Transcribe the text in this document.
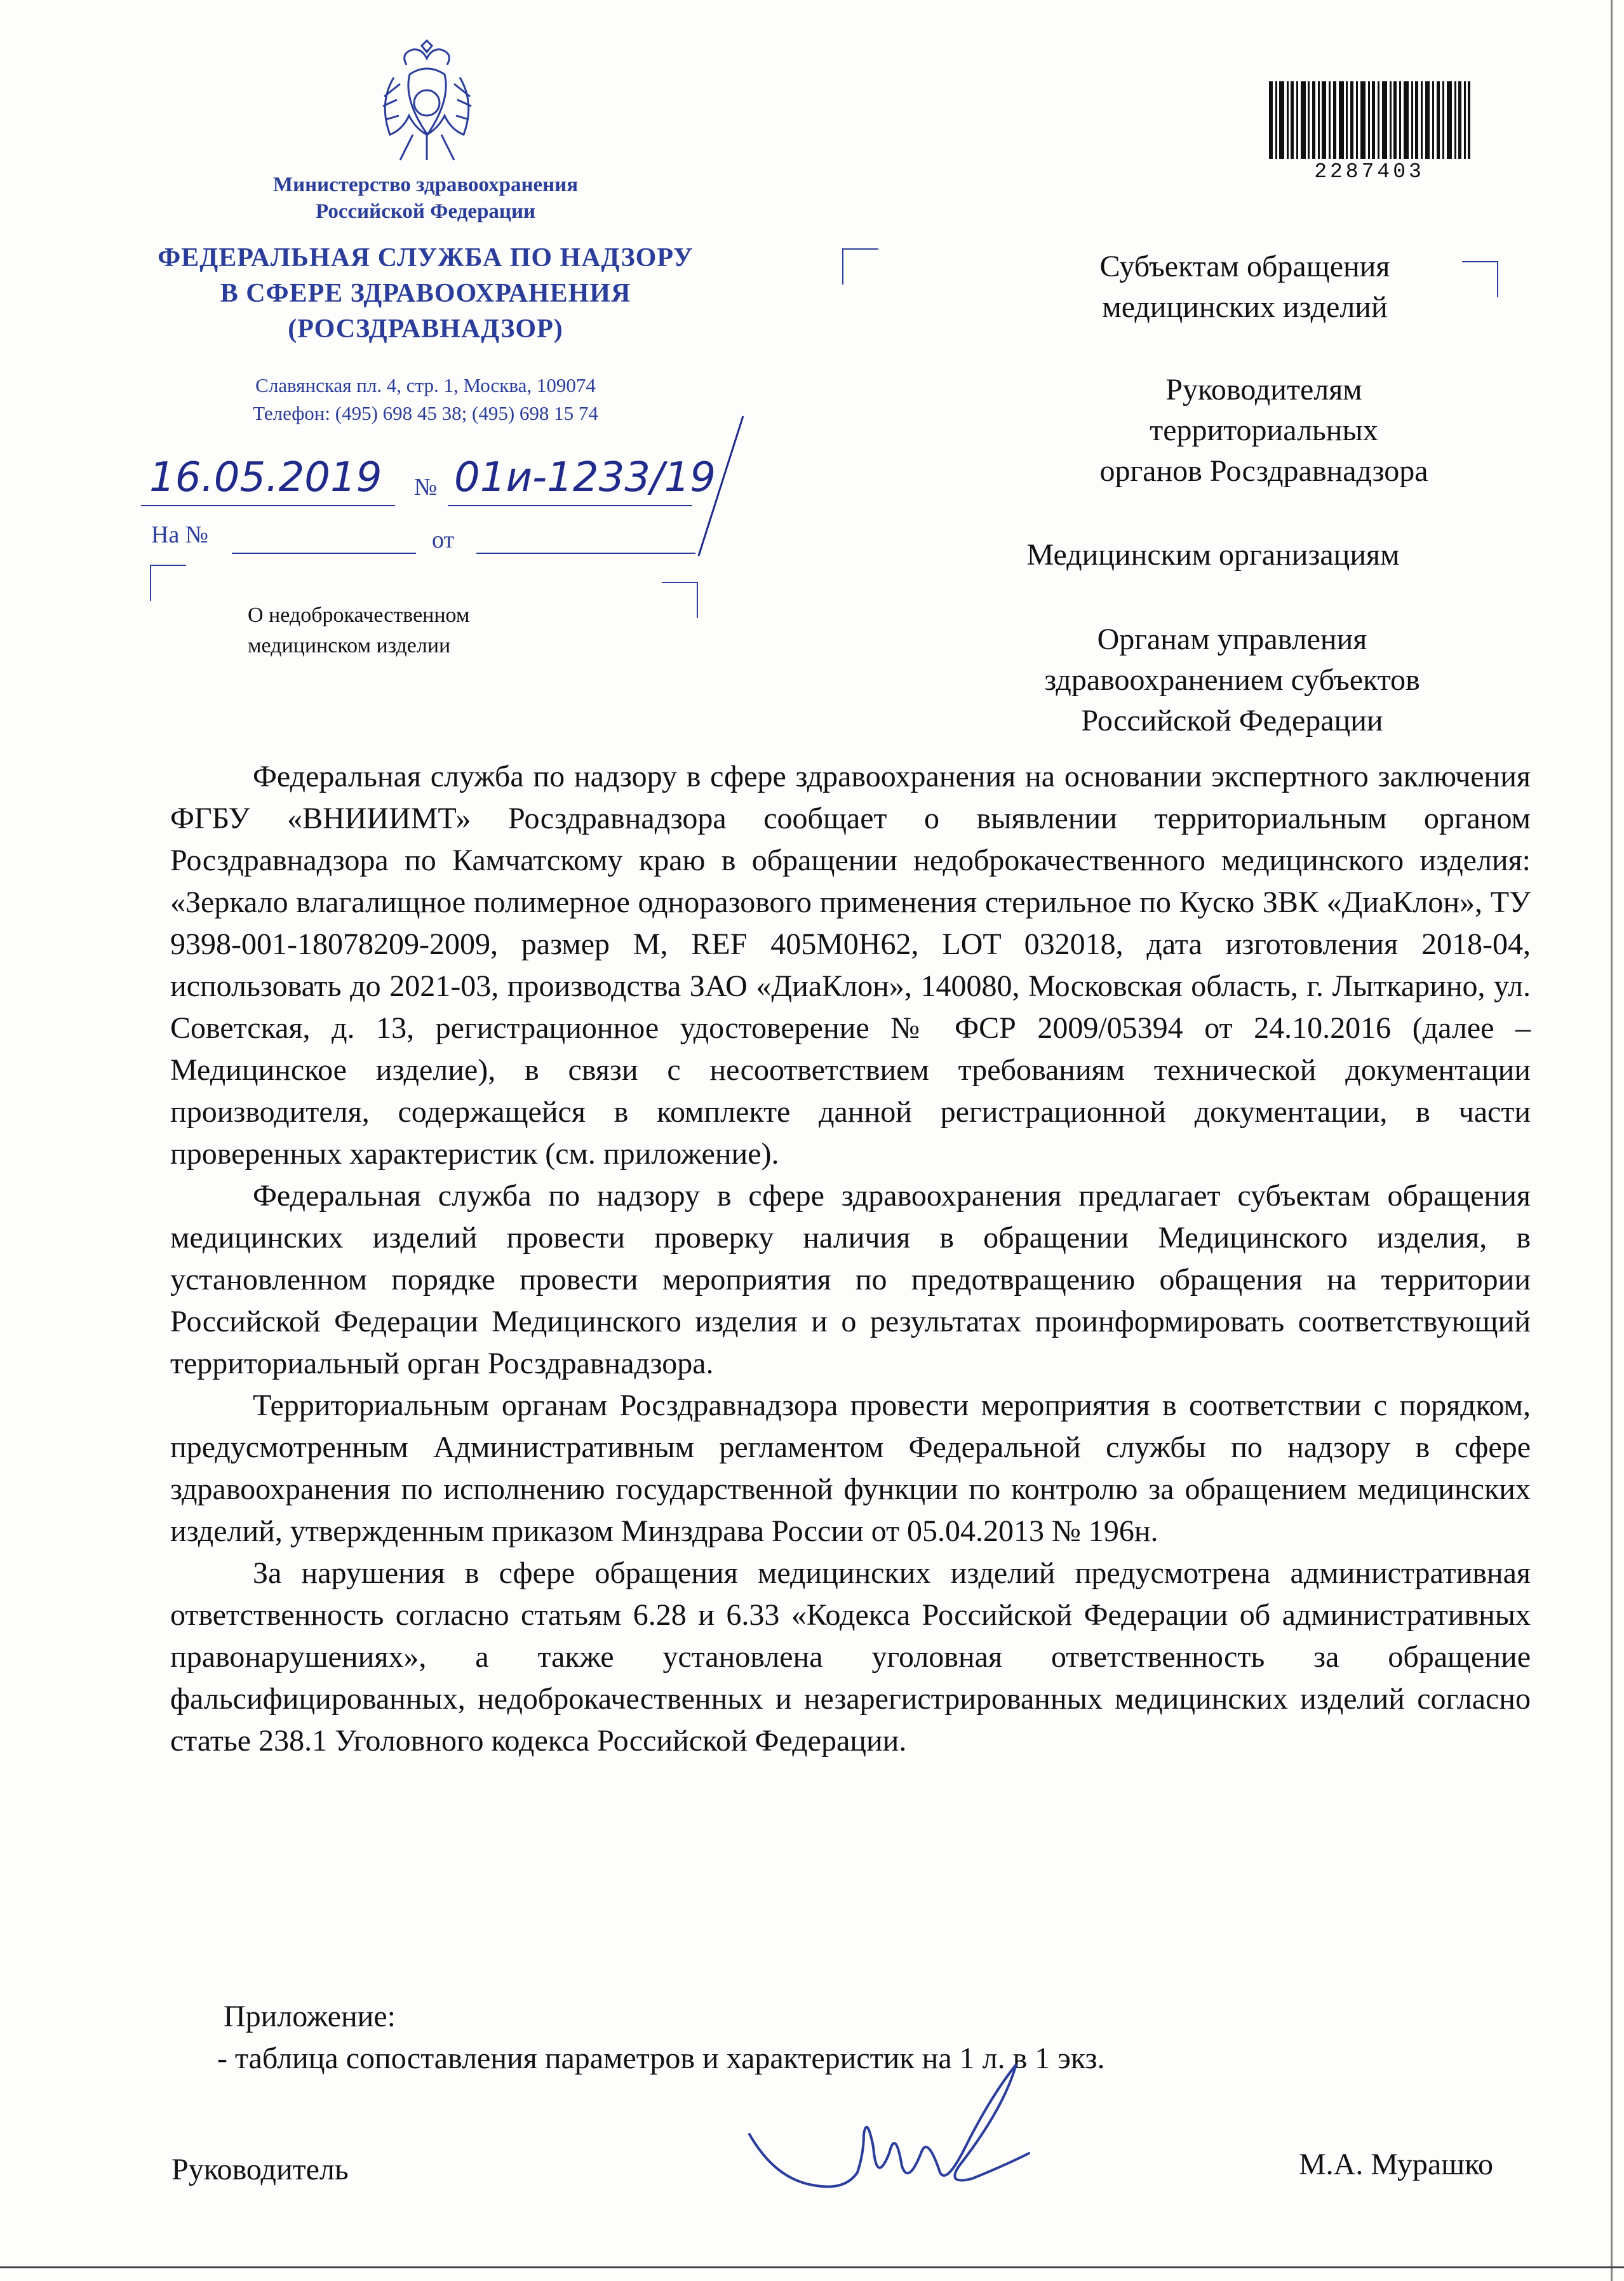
✦
Министерство здравоохранения
Российской Федерации
ФЕДЕРАЛЬНАЯ СЛУЖБА ПО НАДЗОРУ
В СФЕРЕ ЗДРАВООХРАНЕНИЯ
(РОСЗДРАВНАДЗОР)
Славянская пл. 4, стр. 1, Москва, 109074
Телефон: (495) 698 45 38; (495) 698 15 74
2287403
16.05.2019 № 01и-1233/19
На №	от
О недоброкачественном
медицинском изделии
Субъектам обращения
медицинских изделий
Руководителям
территориальных
органов Росздравнадзора
Медицинским организациям
Органам управления
здравоохранением субъектов
Российской Федерации

Федеральная служба по надзору в сфере здравоохранения на основании экспертного заключения ФГБУ «ВНИИИМТ» Росздравнадзора сообщает о выявлении территориальным органом Росздравнадзора по Камчатскому краю в обращении недоброкачественного медицинского изделия: «Зеркало влагалищное полимерное одноразового применения стерильное по Куско ЗВК «ДиаКлон», ТУ 9398-001-18078209-2009, размер М, REF 405М0Н62, LOT 032018, дата изготовления 2018-04, использовать до 2021-03, производства ЗАО «ДиаКлон», 140080, Московская область, г. Лыткарино, ул. Советская, д. 13, регистрационное удостоверение № ФСР 2009/05394 от 24.10.2016 (далее – Медицинское изделие), в связи с несоответствием требованиям технической документации производителя, содержащейся в комплекте данной регистрационной документации, в части проверенных характеристик (см. приложение).

Федеральная служба по надзору в сфере здравоохранения предлагает субъектам обращения медицинских изделий провести проверку наличия в обращении Медицинского изделия, в установленном порядке провести мероприятия по предотвращению обращения на территории Российской Федерации Медицинского изделия и о результатах проинформировать соответствующий территориальный орган Росздравнадзора.

Территориальным органам Росздравнадзора провести мероприятия в соответствии с порядком, предусмотренным Административным регламентом Федеральной службы по надзору в сфере здравоохранения по исполнению государственной функции по контролю за обращением медицинских изделий, утвержденным приказом Минздрава России от 05.04.2013 № 196н.

За нарушения в сфере обращения медицинских изделий предусмотрена административная ответственность согласно статьям 6.28 и 6.33 «Кодекса Российской Федерации об административных правонарушениях», а также установлена уголовная ответственность за обращение фальсифицированных, недоброкачественных и незарегистрированных медицинских изделий согласно статье 238.1 Уголовного кодекса Российской Федерации.

Приложение:
- таблица сопоставления параметров и характеристик на 1 л. в 1 экз.
Руководитель	М.А. Мурашко
